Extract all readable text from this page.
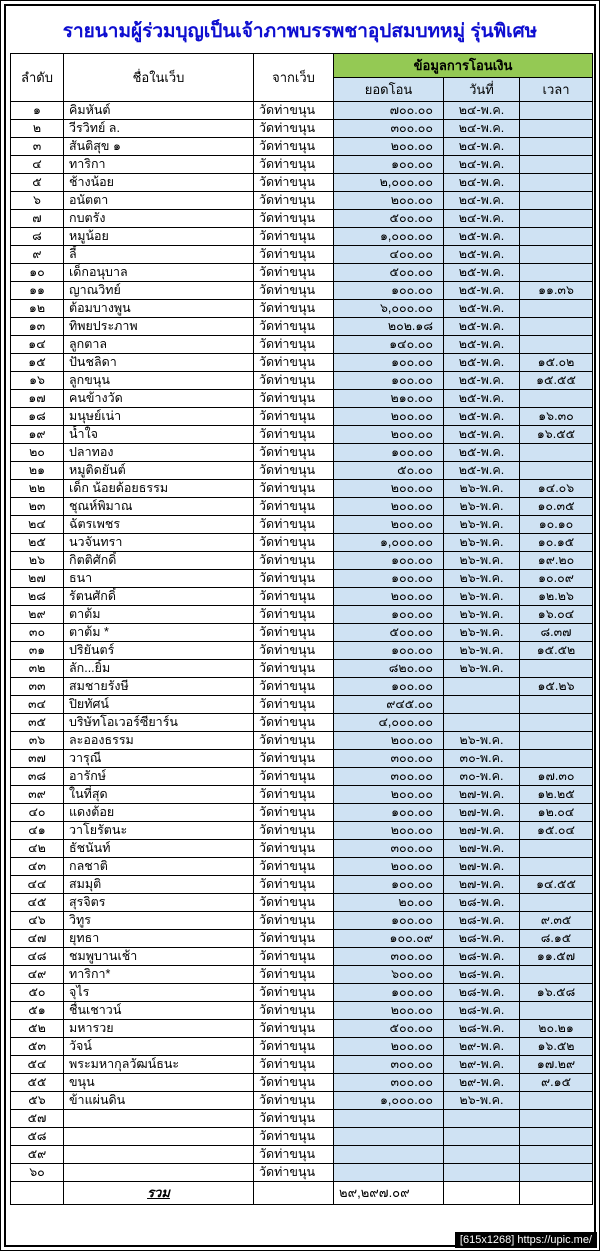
รายนามผู้ร่วมบุญเป็นเจ้าภาพบรรพชาอุปสมบทหมู่ รุ่นพิเศษ
ลำดับ	ชื่อในเว็บ	จากเว็บ	ข้อมูลการโอนเงิน		
			ยอดโอน	วันที่	เวลา
๑	คิมหันต์	วัดท่าขนุน	๗๐๐.๐๐	๒๔-พ.ค.	
๒	วีรวิทย์ ล.	วัดท่าขนุน	๓๐๐.๐๐	๒๔-พ.ค.	
๓	สันติสุข ๑	วัดท่าขนุน	๒๐๐.๐๐	๒๔-พ.ค.	
๔	ทาริกา	วัดท่าขนุน	๑๐๐.๐๐	๒๔-พ.ค.	
๕	ช้างน้อย	วัดท่าขนุน	๒,๐๐๐.๐๐	๒๔-พ.ค.	
๖	อนัตตา	วัดท่าขนุน	๒๐๐.๐๐	๒๔-พ.ค.	
๗	กบตรัง	วัดท่าขนุน	๕๐๐.๐๐	๒๔-พ.ค.	
๘	หมูน้อย	วัดท่าขนุน	๑,๐๐๐.๐๐	๒๕-พ.ค.	
๙	ลี้	วัดท่าขนุน	๔๐๐.๐๐	๒๕-พ.ค.	
๑๐	เด็กอนุบาล	วัดท่าขนุน	๕๐๐.๐๐	๒๕-พ.ค.	
๑๑	ญาณวิทย์	วัดท่าขนุน	๑๐๐.๐๐	๒๕-พ.ค.	๑๑.๓๖
๑๒	ต้อมบางพูน	วัดท่าขนุน	๖,๐๐๐.๐๐	๒๕-พ.ค.	
๑๓	ทิพยประภาพ	วัดท่าขนุน	๒๐๒.๑๘	๒๕-พ.ค.	
๑๔	ลูกตาล	วัดท่าขนุน	๑๔๐.๐๐	๒๕-พ.ค.	
๑๕	ปันชลิดา	วัดท่าขนุน	๑๐๐.๐๐	๒๕-พ.ค.	๑๕.๐๒
๑๖	ลูกขนุน	วัดท่าขนุน	๑๐๐.๐๐	๒๕-พ.ค.	๑๕.๕๕
๑๗	คนข้างวัด	วัดท่าขนุน	๒๑๐.๐๐	๒๕-พ.ค.	
๑๘	มนุษย์เน่า	วัดท่าขนุน	๒๐๐.๐๐	๒๕-พ.ค.	๑๖.๓๐
๑๙	น้ำใจ	วัดท่าขนุน	๒๐๐.๐๐	๒๕-พ.ค.	๑๖.๕๕
๒๐	ปลาทอง	วัดท่าขนุน	๑๐๐.๐๐	๒๕-พ.ค.	
๒๑	หมูติดยันต์	วัดท่าขนุน	๕๐.๐๐	๒๕-พ.ค.	
๒๒	เด็ก น้อยด้อยธรรม	วัดท่าขนุน	๒๐๐.๐๐	๒๖-พ.ค.	๑๔.๐๖
๒๓	ชุณห์พิมาณ	วัดท่าขนุน	๒๐๐.๐๐	๒๖-พ.ค.	๑๐.๓๕
๒๔	ฉัตรเพชร	วัดท่าขนุน	๒๐๐.๐๐	๒๖-พ.ค.	๑๐.๑๐
๒๕	นวจันทรา	วัดท่าขนุน	๑,๐๐๐.๐๐	๒๖-พ.ค.	๑๐.๑๕
๒๖	กิตติศักดิ์	วัดท่าขนุน	๑๐๐.๐๐	๒๖-พ.ค.	๑๙.๒๐
๒๗	ธนา	วัดท่าขนุน	๑๐๐.๐๐	๒๖-พ.ค.	๑๐.๐๙
๒๘	รัตนศักดิ์	วัดท่าขนุน	๒๐๐.๐๐	๒๖-พ.ค.	๑๒.๒๖
๒๙	ตาต้ม	วัดท่าขนุน	๑๐๐.๐๐	๒๖-พ.ค.	๑๖.๐๔
๓๐	ตาต้ม *	วัดท่าขนุน	๕๐๐.๐๐	๒๖-พ.ค.	๘.๓๗
๓๑	ปริยันตร์	วัดท่าขนุน	๑๐๐.๐๐	๒๖-พ.ค.	๑๕.๕๒
๓๒	ลัก...ยิ้ม	วัดท่าขนุน	๘๒๐.๐๐	๒๖-พ.ค.	
๓๓	สมชายรังษี	วัดท่าขนุน	๑๐๐.๐๐		๑๕.๒๖
๓๔	ปิยทัศน์	วัดท่าขนุน	๙๔๕.๐๐		
๓๕	บริษัทโอเวอร์ซียาร์น	วัดท่าขนุน	๔,๐๐๐.๐๐		
๓๖	ละอองธรรม	วัดท่าขนุน	๒๐๐.๐๐	๒๖-พ.ค.	
๓๗	วารุณี	วัดท่าขนุน	๓๐๐.๐๐	๓๐-พ.ค.	
๓๘	อารักษ์	วัดท่าขนุน	๓๐๐.๐๐	๓๐-พ.ค.	๑๗.๓๐
๓๙	ในที่สุด	วัดท่าขนุน	๒๐๐.๐๐	๒๗-พ.ค.	๑๒.๒๕
๔๐	แดงต้อย	วัดท่าขนุน	๑๐๐.๐๐	๒๗-พ.ค.	๑๒.๐๔
๔๑	วาโยรัตนะ	วัดท่าขนุน	๒๐๐.๐๐	๒๗-พ.ค.	๑๕.๐๔
๔๒	ธัชนันท์	วัดท่าขนุน	๓๐๐.๐๐	๒๗-พ.ค.	
๔๓	กลชาติ	วัดท่าขนุน	๒๐๐.๐๐	๒๗-พ.ค.	
๔๔	สมมุติ	วัดท่าขนุน	๑๐๐.๐๐	๒๗-พ.ค.	๑๔.๕๕
๔๕	สุรจิตร	วัดท่าขนุน	๒๐.๐๐	๒๘-พ.ค.	
๔๖	วิทูร	วัดท่าขนุน	๑๐๐.๐๐	๒๘-พ.ค.	๙.๓๕
๔๗	ยุทธา	วัดท่าขนุน	๑๐๐.๐๙	๒๘-พ.ค.	๘.๑๕
๔๘	ชมพูบานเช้า	วัดท่าขนุน	๓๐๐.๐๐	๒๘-พ.ค.	๑๑.๕๗
๔๙	ทาริกา*	วัดท่าขนุน	๖๐๐.๐๐	๒๘-พ.ค.	
๕๐	จุไร	วัดท่าขนุน	๑๐๐.๐๐	๒๘-พ.ค.	๑๖.๕๘
๕๑	ชื่นเชาวน์	วัดท่าขนุน	๒๐๐.๐๐	๒๘-พ.ค.	
๕๒	มหารวย	วัดท่าขนุน	๕๐๐.๐๐	๒๘-พ.ค.	๒๐.๒๑
๕๓	วัจน์	วัดท่าขนุน	๒๐๐.๐๐	๒๙-พ.ค.	๑๖.๕๒
๕๔	พระมหากุลวัฒน์ธนะ	วัดท่าขนุน	๓๐๐.๐๐	๒๙-พ.ค.	๑๗.๒๙
๕๕	ขนุน	วัดท่าขนุน	๓๐๐.๐๐	๒๙-พ.ค.	๙.๑๕
๕๖	ข้าแผ่นดิน	วัดท่าขนุน	๑,๐๐๐.๐๐	๒๖-พ.ค.	
๕๗		วัดท่าขนุน			
๕๘		วัดท่าขนุน			
๕๙		วัดท่าขนุน			
๖๐		วัดท่าขนุน			
	รวม		๒๙,๒๙๗.๐๙		
[615x1268] https://upic.me/
